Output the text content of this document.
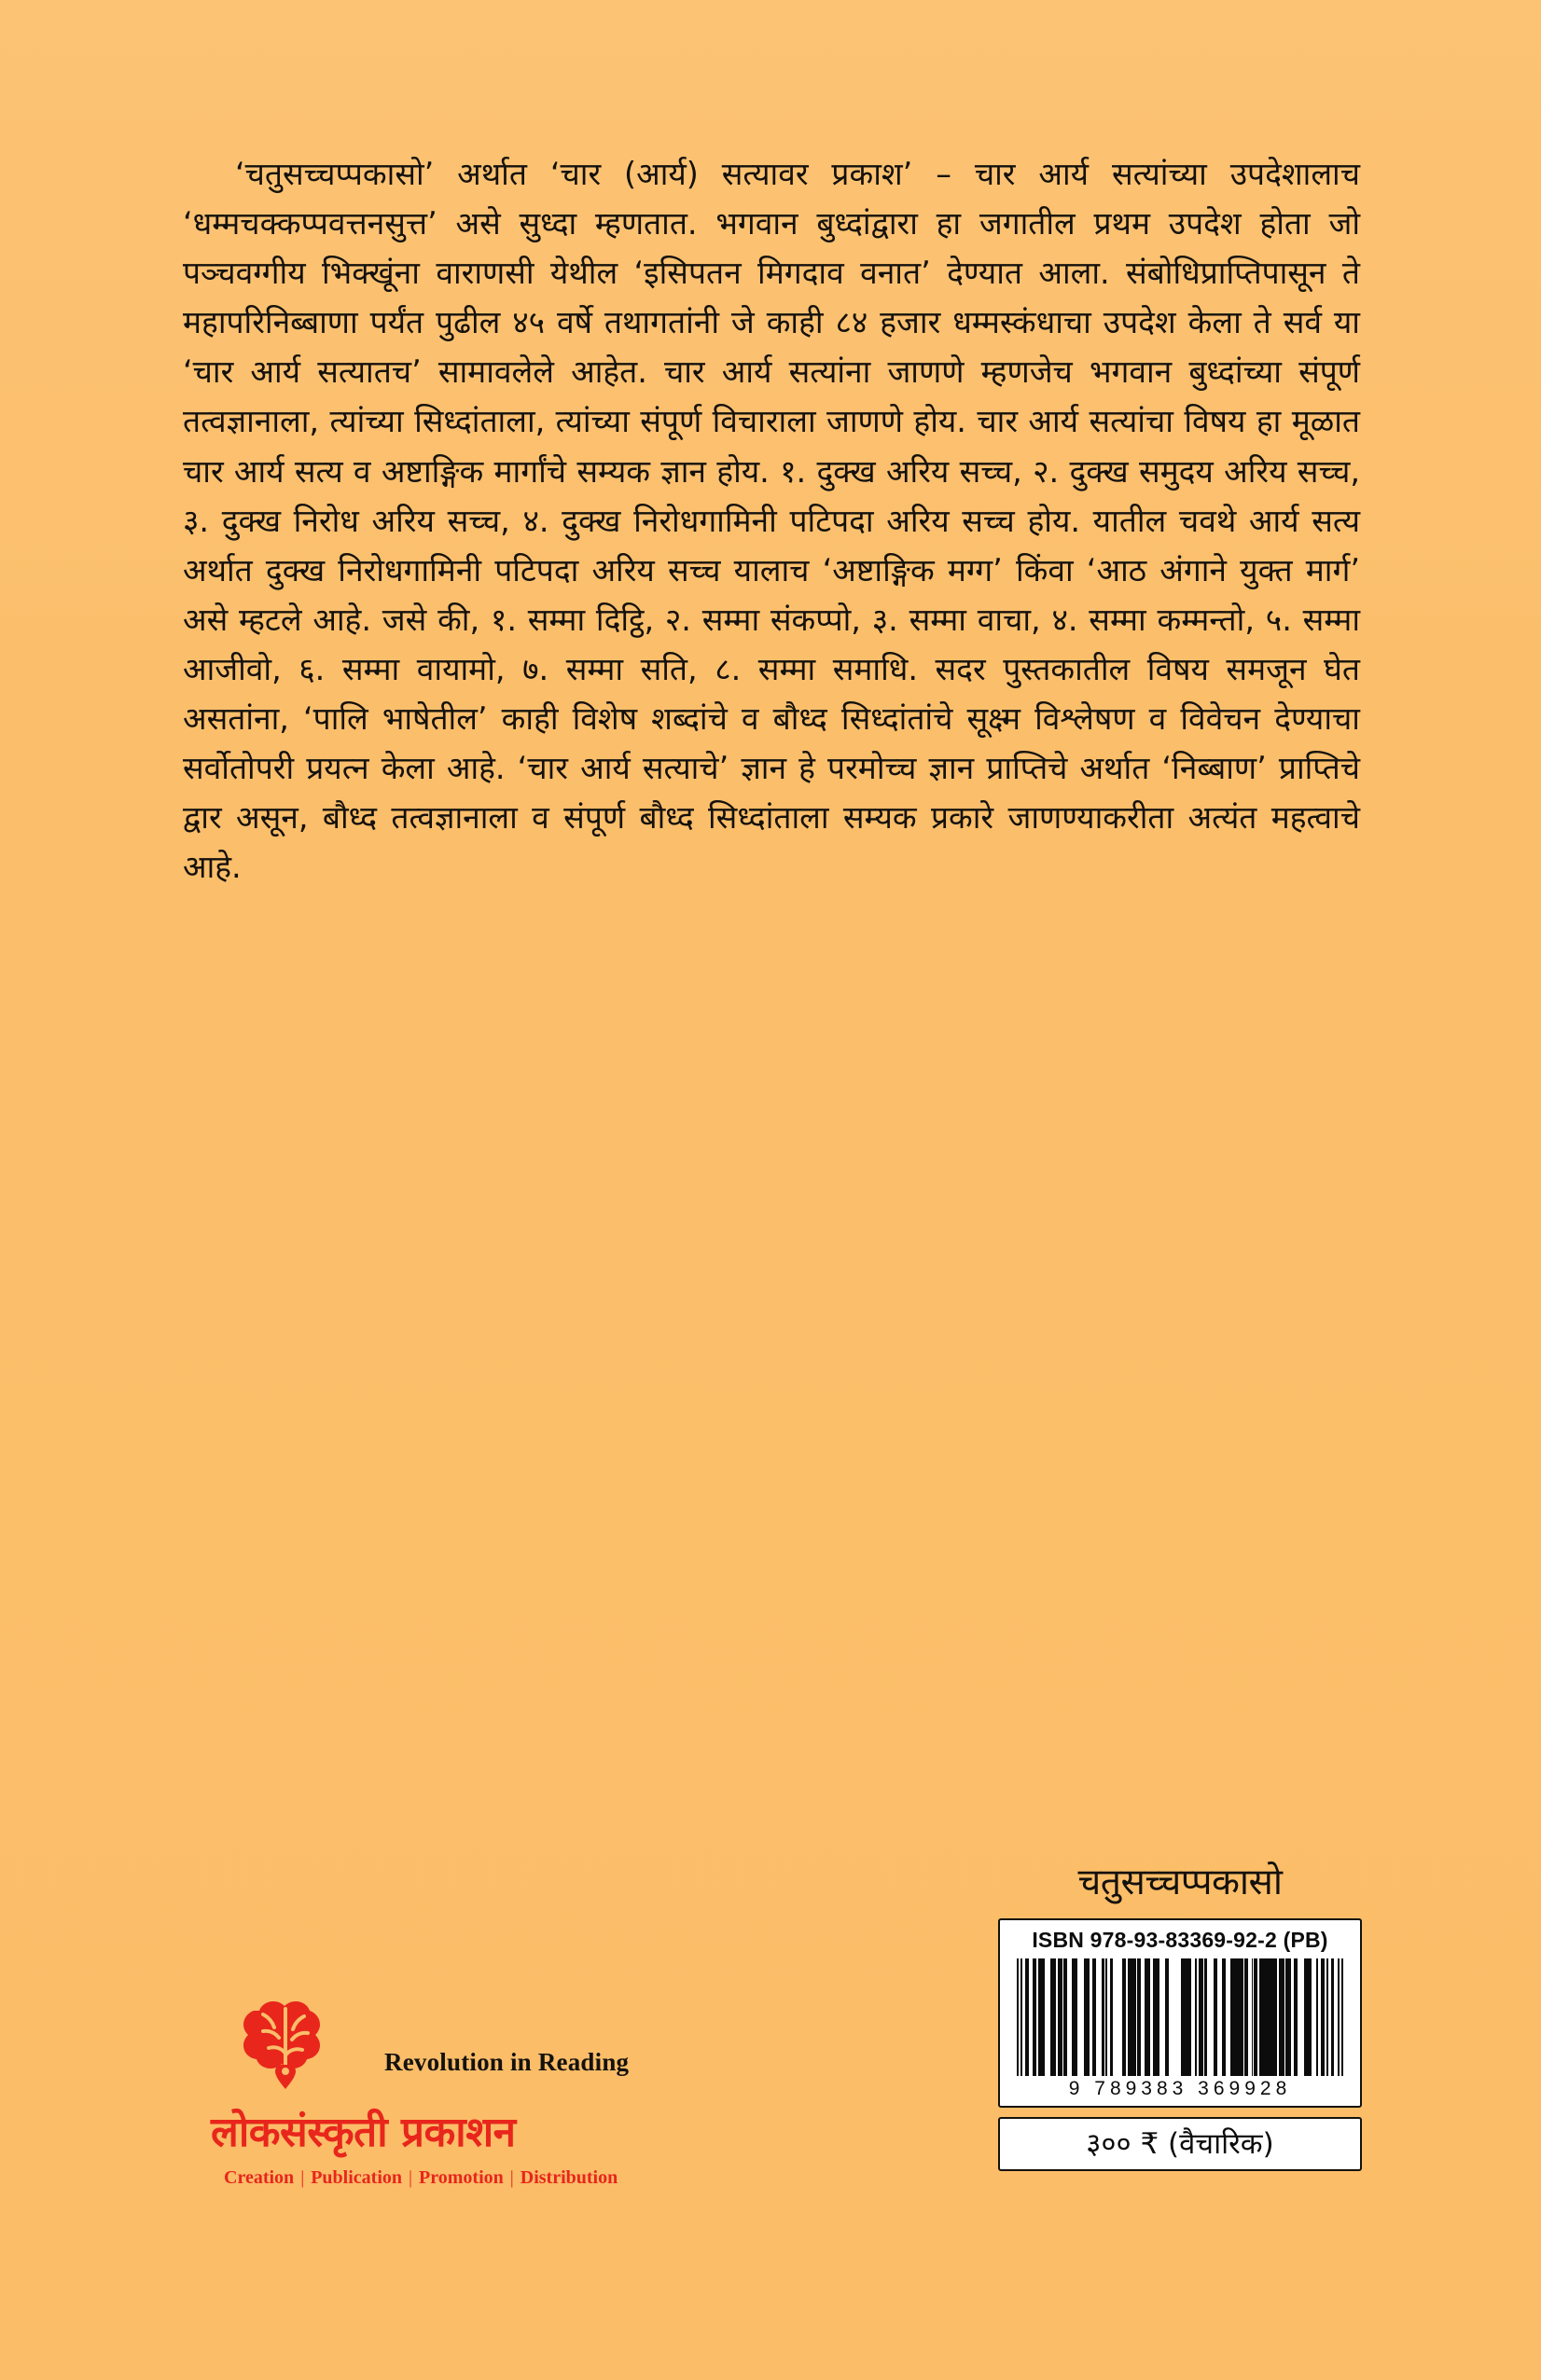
‘चतुसच्चप्पकासो’ अर्थात ‘चार (आर्य) सत्यावर प्रकाश’ – चार आर्य सत्यांच्या उपदेशालाच ‘धम्मचक्कप्पवत्तनसुत्त’ असे सुध्दा म्हणतात. भगवान बुध्दांद्वारा हा जगातील प्रथम उपदेश होता जो पञ्चवग्गीय भिक्खूंना वाराणसी येथील ‘इसिपतन मिगदाव वनात’ देण्यात आला. संबोधिप्राप्तिपासून ते महापरिनिब्बाणा पर्यंत पुढील ४५ वर्षे तथागतांनी जे काही ८४ हजार धम्मस्कंधाचा उपदेश केला ते सर्व या ‘चार आर्य सत्यातच’ सामावलेले आहेत. चार आर्य सत्यांना जाणणे म्हणजेच भगवान बुध्दांच्या संपूर्ण तत्वज्ञानाला, त्यांच्या सिध्दांताला, त्यांच्या संपूर्ण विचाराला जाणणे होय. चार आर्य सत्यांचा विषय हा मूळात चार आर्य सत्य व अष्टाङ्गिक मार्गांचे सम्यक ज्ञान होय. १. दुक्ख अरिय सच्च, २. दुक्ख समुदय अरिय सच्च, ३. दुक्ख निरोध अरिय सच्च, ४. दुक्ख निरोधगामिनी पटिपदा अरिय सच्च होय. यातील चवथे आर्य सत्य अर्थात दुक्ख निरोधगामिनी पटिपदा अरिय सच्च यालाच ‘अष्टाङ्गिक मग्ग’ किंवा ‘आठ अंगाने युक्त मार्ग’ असे म्हटले आहे. जसे की, १. सम्मा दिट्ठि, २. सम्मा संकप्पो, ३. सम्मा वाचा, ४. सम्मा कम्मन्तो, ५. सम्मा आजीवो, ६. सम्मा वायामो, ७. सम्मा सति, ८. सम्मा समाधि. सदर पुस्तकातील विषय समजून घेत असतांना, ‘पालि भाषेतील’ काही विशेष शब्दांचे व बौध्द सिध्दांतांचे सूक्ष्म विश्लेषण व विवेचन देण्याचा सर्वोतोपरी प्रयत्न केला आहे. ‘चार आर्य सत्याचे’ ज्ञान हे परमोच्च ज्ञान प्राप्तिचे अर्थात ‘निब्बाण’ प्राप्तिचे द्वार असून, बौध्द तत्वज्ञानाला व संपूर्ण बौध्द सिध्दांताला सम्यक प्रकारे जाणण्याकरीता अत्यंत महत्वाचे आहे.
Revolution in Reading
लोकसंस्कृती प्रकाशन
Creation | Publication | Promotion | Distribution
चतुसच्चप्पकासो
ISBN 978-93-83369-92-2 (PB)
9 789383 369928
३०० ₹ (वैचारिक)
